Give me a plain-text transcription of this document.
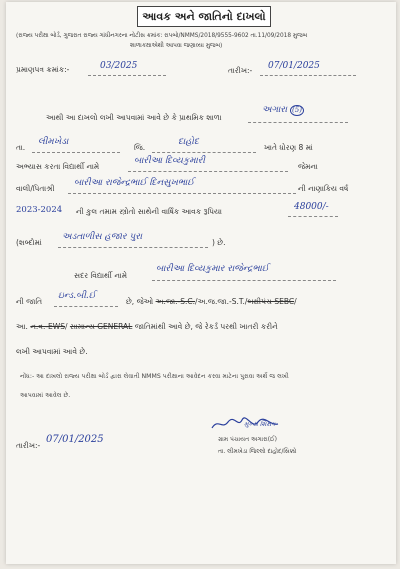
આવક અને જાતિનો દાખલો
(રાજ્ય પરીક્ષા બોર્ડ, ગુજરાત રાજ્ય ગાંધીનગરના નોટીસ ક્રમાંક: રાપબો/NMMS/2018/9555-9602 તા.11/09/2018 મુજબ
શાળાકક્ષાએથી આપવા જણાવ્યા મુજબ)
પ્રમાણપત્ર ક્રમાંક:-	03/2025	તારીખ:- 07/01/2025
આથી આ દાખલો લખી આપવામાં આવે છે કે પ્રાથમિક શાળા
અગારા (5)
તા.
લીમખેડા
જિ.
દાહોદ
ખાતે ધોરણ 8 માં
અભ્યાસ કરતા વિદ્યાર્થી નામે
બારીઆ દિવ્યકુમારી
જેમના
વાલી/પિતાશ્રી
બારીઆ રાજેન્દ્રભાઈ દિનસુખભાઈ
ની નાણાકિય વર્ષ
2023-2024 ની કુલ તમામ સ્ત્રોતો સાથેની વાર્ષિક આવક રૂપિયા	48000/-
(શબ્દોમાં
અડતાળીસ હજાર પુરા
) છે.
સદર વિદ્યાર્થી નામે
બારીઆ દિવ્યકુમાર રાજેન્દ્રભાઈ
ની જાતિ
ઇન્ડ.બી.ઈ
છે, જેઓ અ.જા.-S.C./અ.જ.જા.-S.T./બક્ષીપંચ SEBC/
આ. ન.વ.-EWS/ સામાન્ય GENERAL જાતિમાંથી આવે છે, જે રેકર્ડ પરથી ખાતરી કરીને
લખી આપવામાં આવે છે.
નોંધ:- આ દાખલો રાજ્ય પરીક્ષા બોર્ડ દ્વારા લેવાતી NMMS પરીક્ષાના આવેદન કરવા માટેના પુરાવા અર્થે જ લખી
આપવામાં આવેલ છે.
તારીખ:-
07/01/2025
મુખ્ય શિક્ષક
ગ્રામ પંચાયત અગારા(ઈ)
તા. લીમખેડા જિલ્લો દાહોદ/સિક્કો
